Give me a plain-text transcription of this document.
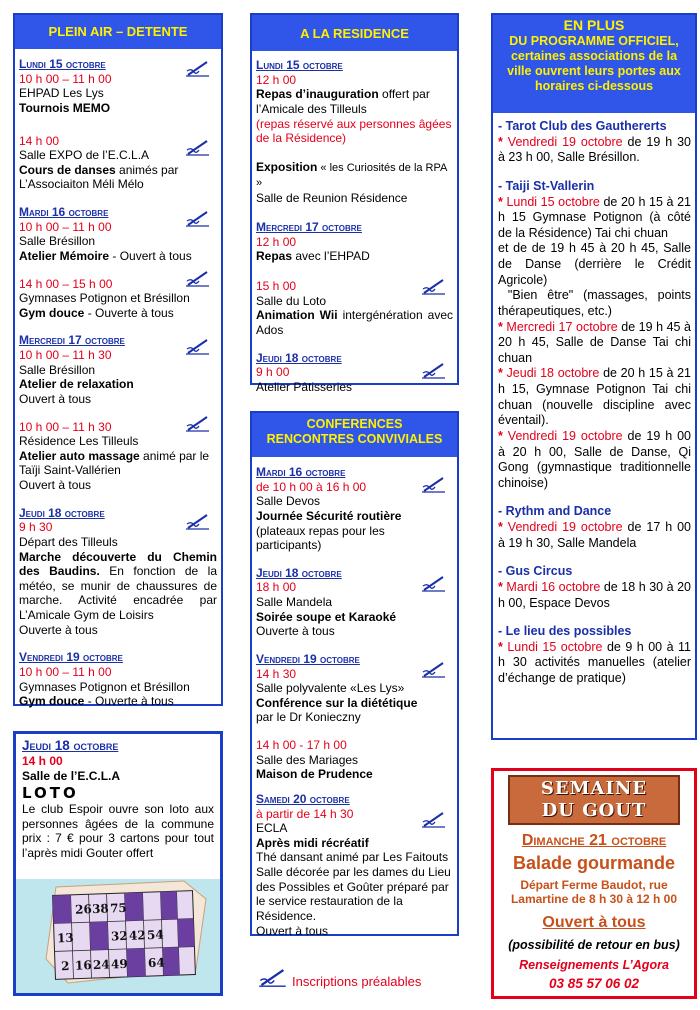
PLEIN AIR – DETENTE
Lundi 15 octobre
10 h 00 – 11 h 00
EHPAD Les Lys
Tournois MEMO
14 h 00
Salle EXPO de l’E.C.L.A
Cours de danses animés par L’Associaiton Méli Mélo
Mardi 16 octobre
10 h 00 – 11 h 00
Salle Brésillon
Atelier Mémoire - Ouvert à tous
14 h 00 – 15 h 00
Gymnases Potignon et Brésillon
Gym douce - Ouverte à tous
Mercredi 17 octobre
10 h 00 – 11 h 30
Salle Brésillon
Atelier de relaxation
Ouvert à tous
10 h 00 – 11 h 30
Résidence Les Tilleuls
Atelier auto massage animé par le Taïji Saint-Vallérien
Ouvert à tous
Jeudi 18 octobre
9 h 30
Départ des Tilleuls
Marche découverte du Chemin des Baudins. En fonction de la météo, se munir de chaussures de marche. Activité encadrée par L’Amicale Gym de Loisirs
Ouverte à tous
Vendredi 19 octobre
10 h 00 – 11 h 00
Gymnases Potignon et Brésillon
Gym douce - Ouverte à tous
Jeudi 18 octobre
14 h 00
Salle de l’E.C.L.A
LOTO
Le club Espoir ouvre son loto aux personnes âgées de la commune prix : 7 € pour 3 cartons pour tout l’après midi Gouter offert
26 38 75
13	32 42 54
2 16 24 49 64
A LA RESIDENCE
Lundi 15 octobre
12 h 00
Repas d’inauguration offert par l’Amicale des Tilleuls
(repas réservé aux personnes âgées de la Résidence)
Exposition « les Curiosités de la RPA »
Salle de Reunion Résidence
Mercredi 17 octobre
12 h 00
Repas avec l’EHPAD
15 h 00
Salle du Loto
Animation Wii intergénération avec Ados
Jeudi 18 octobre
9 h 00
Atelier Pâtisseries
CONFERENCES
RENCONTRES CONVIVIALES
Mardi 16 octobre
de 10 h 00 à 16 h 00
Salle Devos
Journée Sécurité routière
(plateaux repas pour les participants)
Jeudi 18 octobre
18 h 00
Salle Mandela
Soirée soupe et Karaoké
Ouverte à tous
Vendredi 19 octobre
14 h 30
Salle polyvalente «Les Lys»
Conférence sur la diététique
par le Dr Konieczny
14 h 00 - 17 h 00
Salle des Mariages
Maison de Prudence
Samedi 20 octobre
à partir de 14 h 30
ECLA
Après midi récréatif
Thé dansant animé par Les Faitouts Salle décorée par les dames du Lieu des Possibles et Goûter préparé par le service restauration de la Résidence.
Ouvert à tous
Inscriptions préalables
EN PLUS
DU PROGRAMME OFFICIEL,
certaines associations de la ville ouvrent leurs portes aux horaires ci-dessous
- Tarot Club des Gauthererts
* Vendredi 19 octobre de 19 h 30 à 23 h 00, Salle Brésillon.
- Taiji St-Vallerin
* Lundi 15 octobre de 20 h 15 à 21 h 15 Gymnase Potignon (à côté de la Résidence) Tai chi chuan
et de de 19 h 45 à 20 h 45, Salle de Danse (derrière le Crédit Agricole)
"Bien être" (massages, points thérapeutiques, etc.)
* Mercredi 17 octobre de 19 h 45 à 20 h 45, Salle de Danse Tai chi chuan
* Jeudi 18 octobre de 20 h 15 à 21 h 15, Gymnase Potignon Tai chi chuan (nouvelle discipline avec éventail).
* Vendredi 19 octobre de 19 h 00 à 20 h 00, Salle de Danse, Qi Gong (gymnastique traditionnelle chinoise)
- Rythm and Dance
* Vendredi 19 octobre de 17 h 00 à 19 h 30, Salle Mandela
- Gus Circus
* Mardi 16 octobre de 18 h 30 à 20 h 00, Espace Devos
- Le lieu des possibles
* Lundi 15 octobre de 9 h 00 à 11 h 30 activités manuelles (atelier d’échange de pratique)
SEMAINE
DU GOUT
Dimanche 21 octobre
Balade gourmande
Départ Ferme Baudot, rue
Lamartine de 8 h 30 à 12 h 00
Ouvert à tous
(possibilité de retour en bus)
Renseignements L’Agora
03 85 57 06 02
